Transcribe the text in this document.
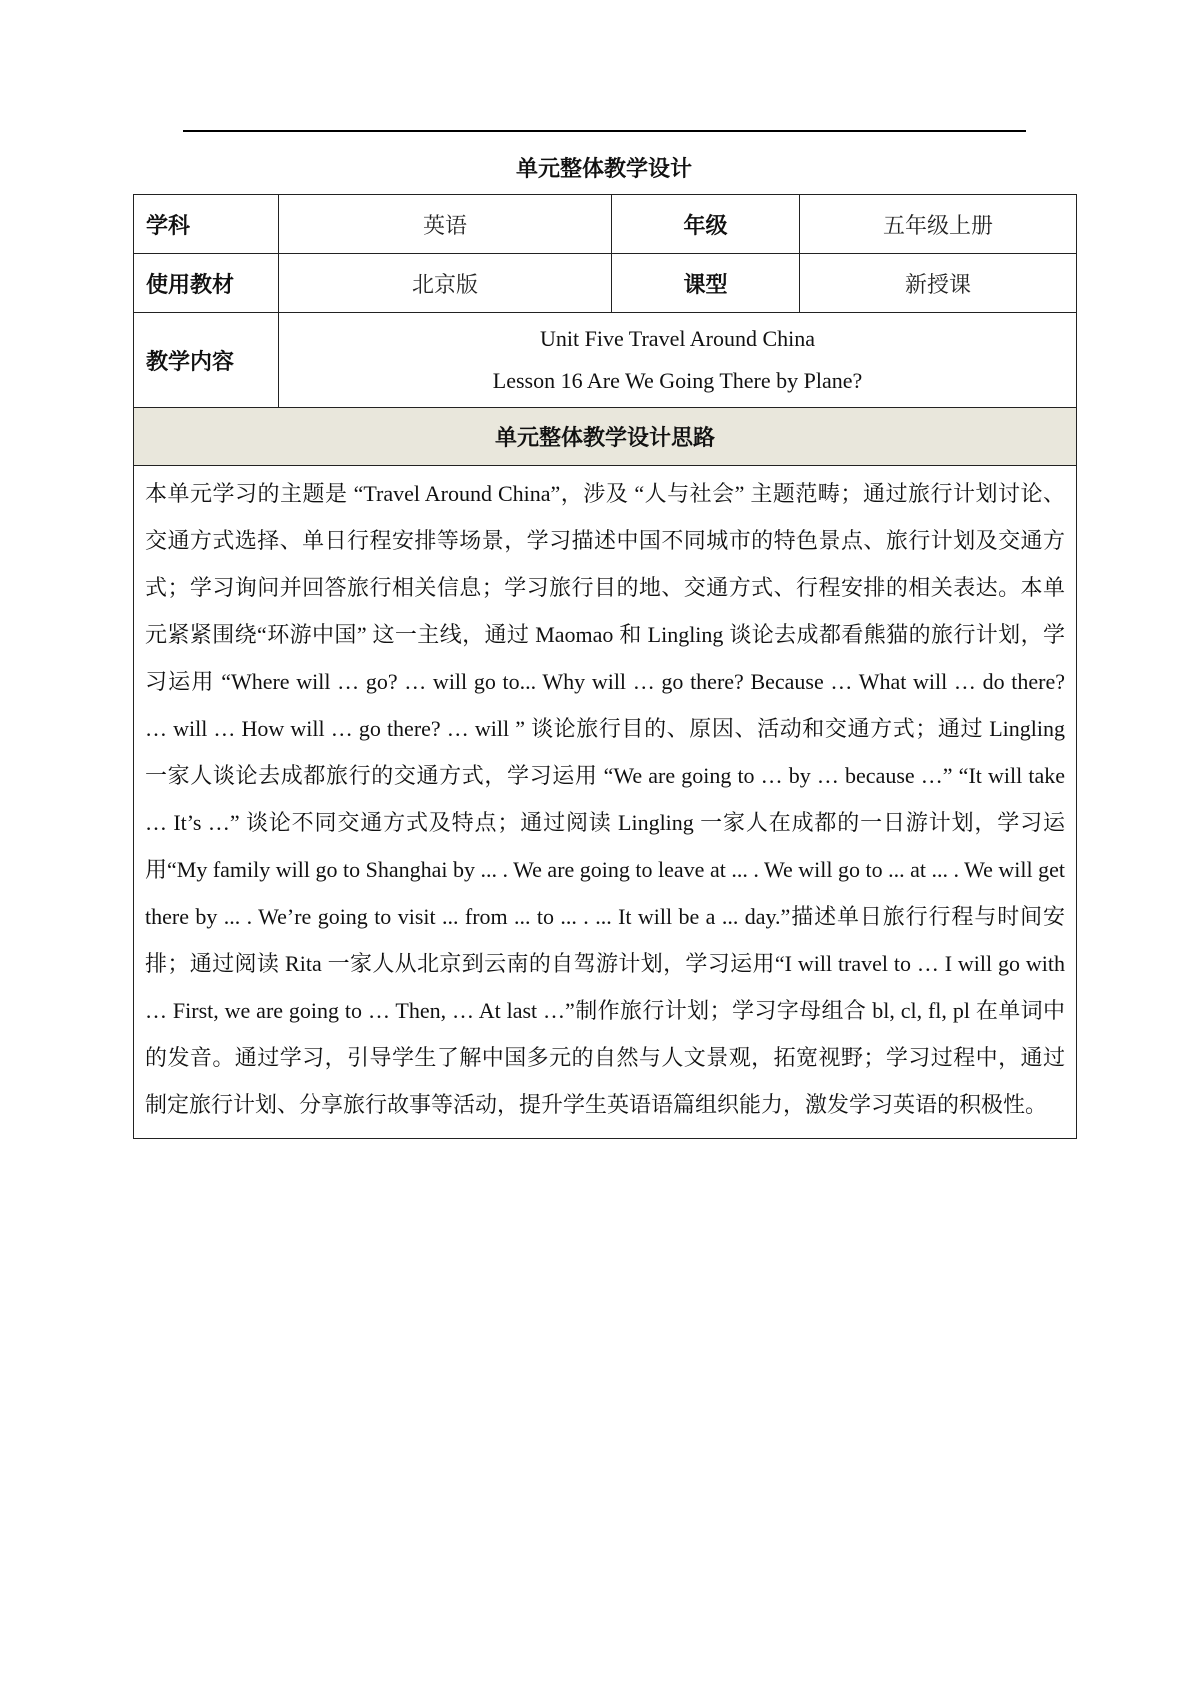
单元整体教学设计
学科	英语	年级	五年级上册
使用教材	北京版	课型	新授课
教学内容	Unit Five Travel Around China
Lesson 16 Are We Going There by Plane?		

单元整体教学设计思路			

本单元学习的主题是 “Travel Around China”，涉及 “人与社会” 主题范畴；通过旅行计划讨论、交通方式选择、单日行程安排等场景，学习描述中国不同城市的特色景点、旅行计划及交通方式；学习询问并回答旅行相关信息；学习旅行目的地、交通方式、行程安排的相关表达。本单元紧紧围绕“环游中国” 这一主线，通过 Maomao 和 Lingling 谈论去成都看熊猫的旅行计划，学习运用 “Where will … go? … will go to... Why will … go there? Because … What will … do there? … will … How will … go there? … will ” 谈论旅行目的、原因、活动和交通方式；通过 Lingling 一家人谈论去成都旅行的交通方式，学习运用 “We are going to … by … because …” “It will take … It’s …” 谈论不同交通方式及特点；通过阅读 Lingling 一家人在成都的一日游计划，学习运用“My family will go to Shanghai by ... . We are going to leave at ... . We will go to ... at ... . We will get there by ... . We’re going to visit ... from ... to ... . ... It will be a ... day.”描述单日旅行行程与时间安排；通过阅读 Rita 一家人从北京到云南的自驾游计划，学习运用“I will travel to … I will go with … First, we are going to … Then, … At last …”制作旅行计划；学习字母组合 bl, cl, fl, pl 在单词中的发音。通过学习，引导学生了解中国多元的自然与人文景观，拓宽视野；学习过程中，通过制定旅行计划、分享旅行故事等活动，提升学生英语语篇组织能力，激发学习英语的积极性。			
